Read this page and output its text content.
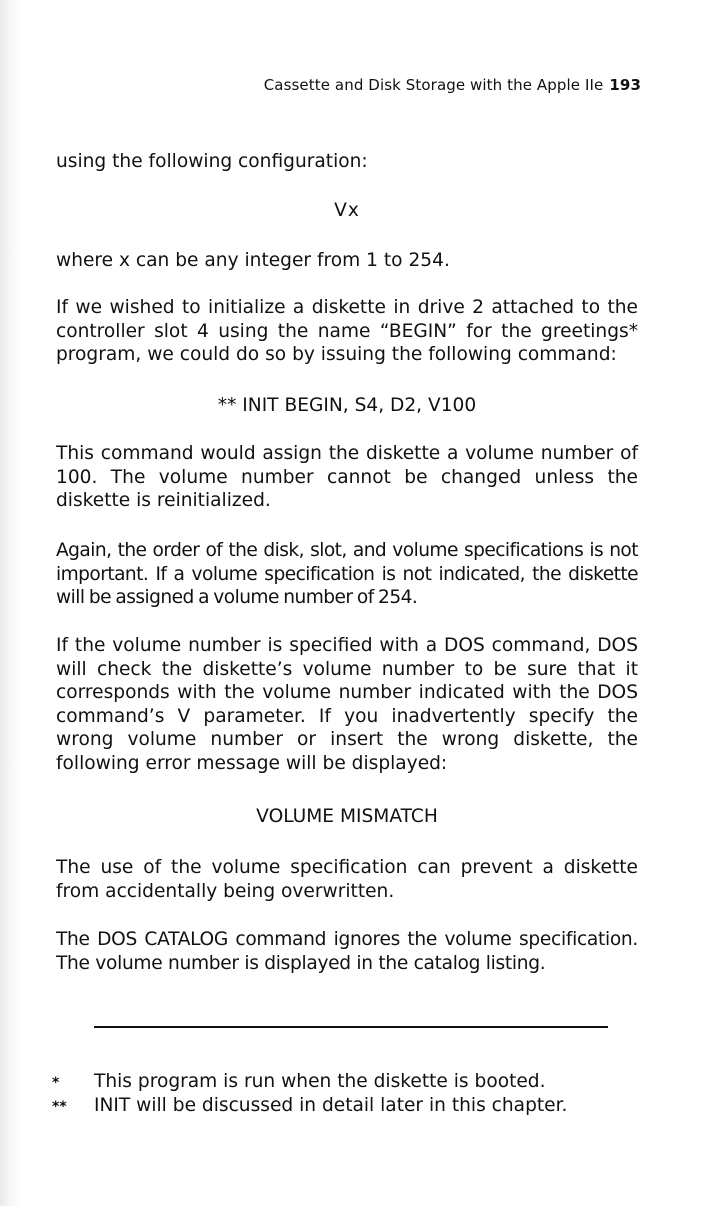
Cassette and Disk Storage with the Apple IIe 193

using the following configuration:

Vx

where x can be any integer from 1 to 254.

If we wished to initialize a diskette in drive 2 attached to the controller slot 4 using the name “BEGIN” for the greetings* program, we could do so by issuing the following command:

** INIT BEGIN, S4, D2, V100

This command would assign the diskette a volume number of 100. The volume number cannot be changed unless the diskette is reinitialized.

Again, the order of the disk, slot, and volume specifications is not important. If a volume specification is not indicated, the diskette will be assigned a volume number of 254.

If the volume number is specified with a DOS command, DOS will check the diskette’s volume number to be sure that it corresponds with the volume number indicated with the DOS command’s V parameter. If you inadvertently specify the wrong volume number or insert the wrong diskette, the following error message will be displayed:

VOLUME MISMATCH

The use of the volume specification can prevent a diskette from accidentally being overwritten.

The DOS CATALOG command ignores the volume specification. The volume number is displayed in the catalog listing.

* This program is run when the diskette is booted.
** INIT will be discussed in detail later in this chapter.
